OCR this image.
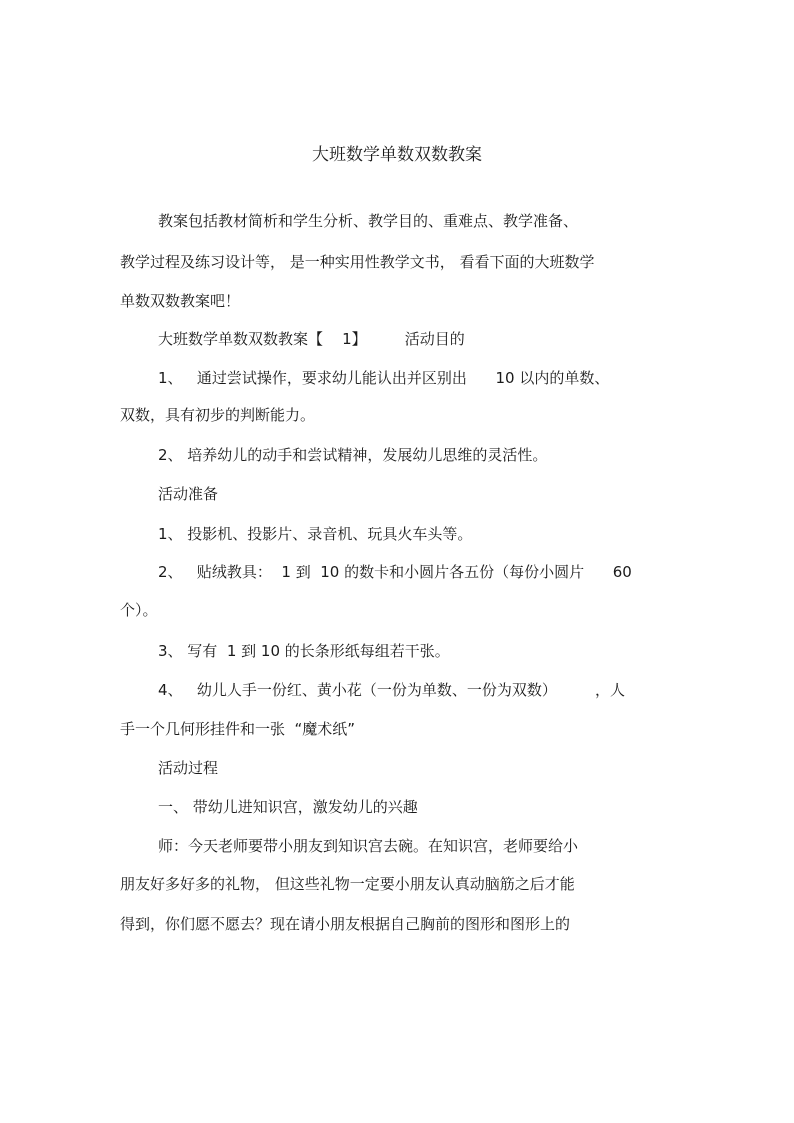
大班数学单数双数教案
教案包括教材简析和学生分析、教学目的、重难点、教学准备、
教学过程及练习设计等， 是一种实用性教学文书， 看看下面的大班数学
单数双数教案吧！
大班数学单数双数教案【    1】        活动目的
1、   通过尝试操作，要求幼儿能认出并区别出      10 以内的单数、
双数，具有初步的判断能力。
2、 培养幼儿的动手和尝试精神，发展幼儿思维的灵活性。
活动准备
1、 投影机、投影片、录音机、玩具火车头等。
2、   贴绒教具：  1 到  10 的数卡和小圆片各五份（每份小圆片      60
个）。
3、 写有  1 到 10 的长条形纸每组若干张。
4、   幼儿人手一份红、黄小花（一份为单数、一份为双数）        ，人
手一个几何形挂件和一张  “魔术纸”
活动过程
一、 带幼儿进知识宫，激发幼儿的兴趣
师：今天老师要带小朋友到知识宫去碗。在知识宫，老师要给小
朋友好多好多的礼物， 但这些礼物一定要小朋友认真动脑筋之后才能
得到，你们愿不愿去？现在请小朋友根据自己胸前的图形和图形上的
